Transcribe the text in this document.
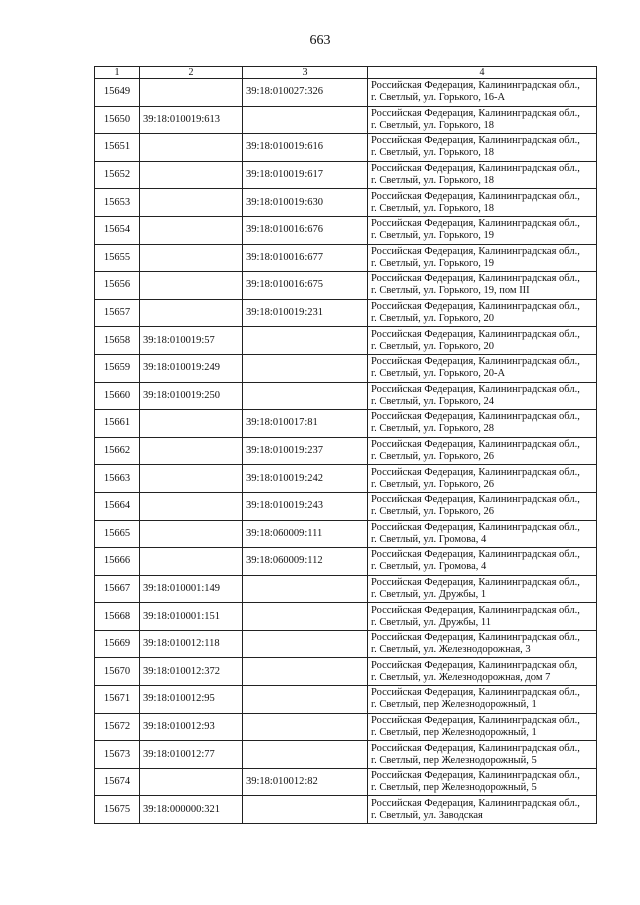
663
1	2	3	4
15649		39:18:010027:326	Российская Федерация, Калининградская обл.,
г. Светлый, ул. Горького, 16-А

15650	39:18:010019:613		Российская Федерация, Калининградская обл.,
г. Светлый, ул. Горького, 18

15651		39:18:010019:616	Российская Федерация, Калининградская обл.,
г. Светлый, ул. Горького, 18

15652		39:18:010019:617	Российская Федерация, Калининградская обл.,
г. Светлый, ул. Горького, 18

15653		39:18:010019:630	Российская Федерация, Калининградская обл.,
г. Светлый, ул. Горького, 18

15654		39:18:010016:676	Российская Федерация, Калининградская обл.,
г. Светлый, ул. Горького, 19

15655		39:18:010016:677	Российская Федерация, Калининградская обл.,
г. Светлый, ул. Горького, 19

15656		39:18:010016:675	Российская Федерация, Калининградская обл.,
г. Светлый, ул. Горького, 19, пом III

15657		39:18:010019:231	Российская Федерация, Калининградская обл.,
г. Светлый, ул. Горького, 20

15658	39:18:010019:57		Российская Федерация, Калининградская обл.,
г. Светлый, ул. Горького, 20

15659	39:18:010019:249		Российская Федерация, Калининградская обл.,
г. Светлый, ул. Горького, 20-А

15660	39:18:010019:250		Российская Федерация, Калининградская обл.,
г. Светлый, ул. Горького, 24

15661		39:18:010017:81	Российская Федерация, Калининградская обл.,
г. Светлый, ул. Горького, 28

15662		39:18:010019:237	Российская Федерация, Калининградская обл.,
г. Светлый, ул. Горького, 26

15663		39:18:010019:242	Российская Федерация, Калининградская обл.,
г. Светлый, ул. Горького, 26

15664		39:18:010019:243	Российская Федерация, Калининградская обл.,
г. Светлый, ул. Горького, 26

15665		39:18:060009:111	Российская Федерация, Калининградская обл.,
г. Светлый, ул. Громова, 4

15666		39:18:060009:112	Российская Федерация, Калининградская обл.,
г. Светлый, ул. Громова, 4

15667	39:18:010001:149		Российская Федерация, Калининградская обл.,
г. Светлый, ул. Дружбы, 1

15668	39:18:010001:151		Российская Федерация, Калининградская обл.,
г. Светлый, ул. Дружбы, 11

15669	39:18:010012:118		Российская Федерация, Калининградская обл.,
г. Светлый, ул. Железнодорожная, 3

15670	39:18:010012:372		Российская Федерация, Калининградская обл,
г. Светлый, ул. Железнодорожная, дом 7

15671	39:18:010012:95		Российская Федерация, Калининградская обл.,
г. Светлый, пер Железнодорожный, 1

15672	39:18:010012:93		Российская Федерация, Калининградская обл.,
г. Светлый, пер Железнодорожный, 1

15673	39:18:010012:77		Российская Федерация, Калининградская обл.,
г. Светлый, пер Железнодорожный, 5

15674		39:18:010012:82	Российская Федерация, Калининградская обл.,
г. Светлый, пер Железнодорожный, 5

15675	39:18:000000:321		Российская Федерация, Калининградская обл.,
г. Светлый, ул. Заводская
